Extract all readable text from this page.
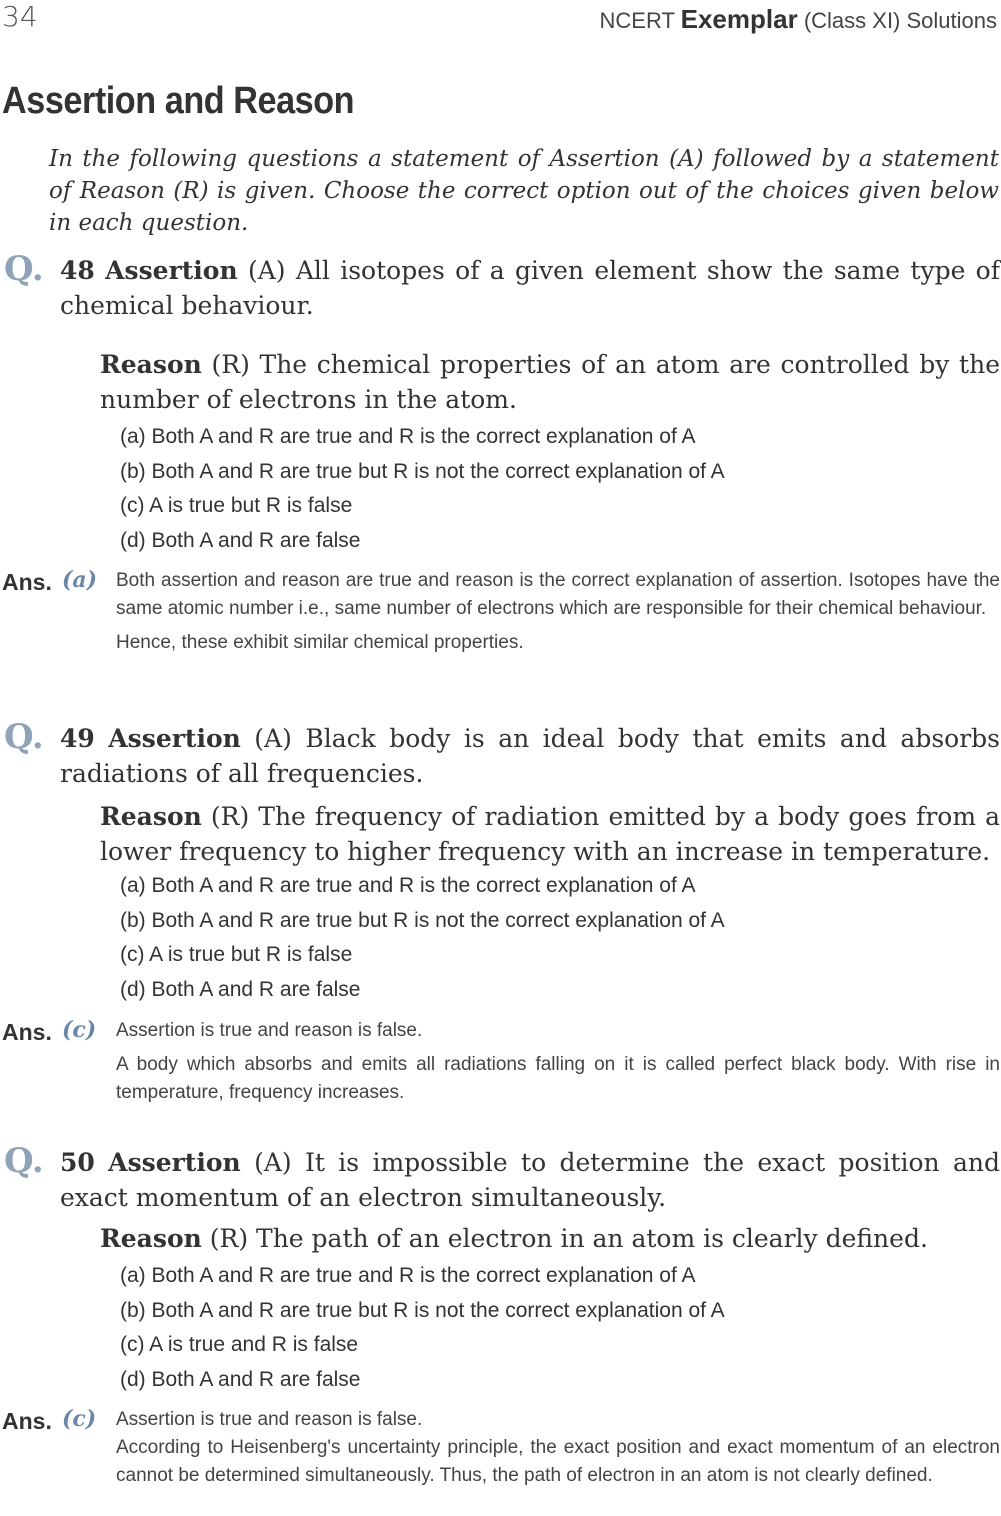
34	NCERT Exemplar (Class XI) Solutions
Assertion and Reason
In the following questions a statement of Assertion (A) followed by a statement of Reason (R) is given. Choose the correct option out of the choices given below in each question.
Q. 48 Assertion (A) All isotopes of a given element show the same type of chemical behaviour.
Reason (R) The chemical properties of an atom are controlled by the number of electrons in the atom.
(a) Both A and R are true and R is the correct explanation of A
(b) Both A and R are true but R is not the correct explanation of A
(c) A is true but R is false
(d) Both A and R are false
Ans. (a) Both assertion and reason are true and reason is the correct explanation of assertion. Isotopes have the same atomic number i.e., same number of electrons which are responsible for their chemical behaviour.

Hence, these exhibit similar chemical properties.

Q. 49 Assertion (A) Black body is an ideal body that emits and absorbs radiations of all frequencies.
Reason (R) The frequency of radiation emitted by a body goes from a lower frequency to higher frequency with an increase in temperature.
(a) Both A and R are true and R is the correct explanation of A
(b) Both A and R are true but R is not the correct explanation of A
(c) A is true but R is false
(d) Both A and R are false
Ans. (c) Assertion is true and reason is false.

A body which absorbs and emits all radiations falling on it is called perfect black body. With rise in temperature, frequency increases.

Q. 50 Assertion (A) It is impossible to determine the exact position and exact momentum of an electron simultaneously.
Reason (R) The path of an electron in an atom is clearly defined.
(a) Both A and R are true and R is the correct explanation of A
(b) Both A and R are true but R is not the correct explanation of A
(c) A is true and R is false
(d) Both A and R are false
Ans. (c) Assertion is true and reason is false.

According to Heisenberg's uncertainty principle, the exact position and exact momentum of an electron cannot be determined simultaneously. Thus, the path of electron in an atom is not clearly defined.
